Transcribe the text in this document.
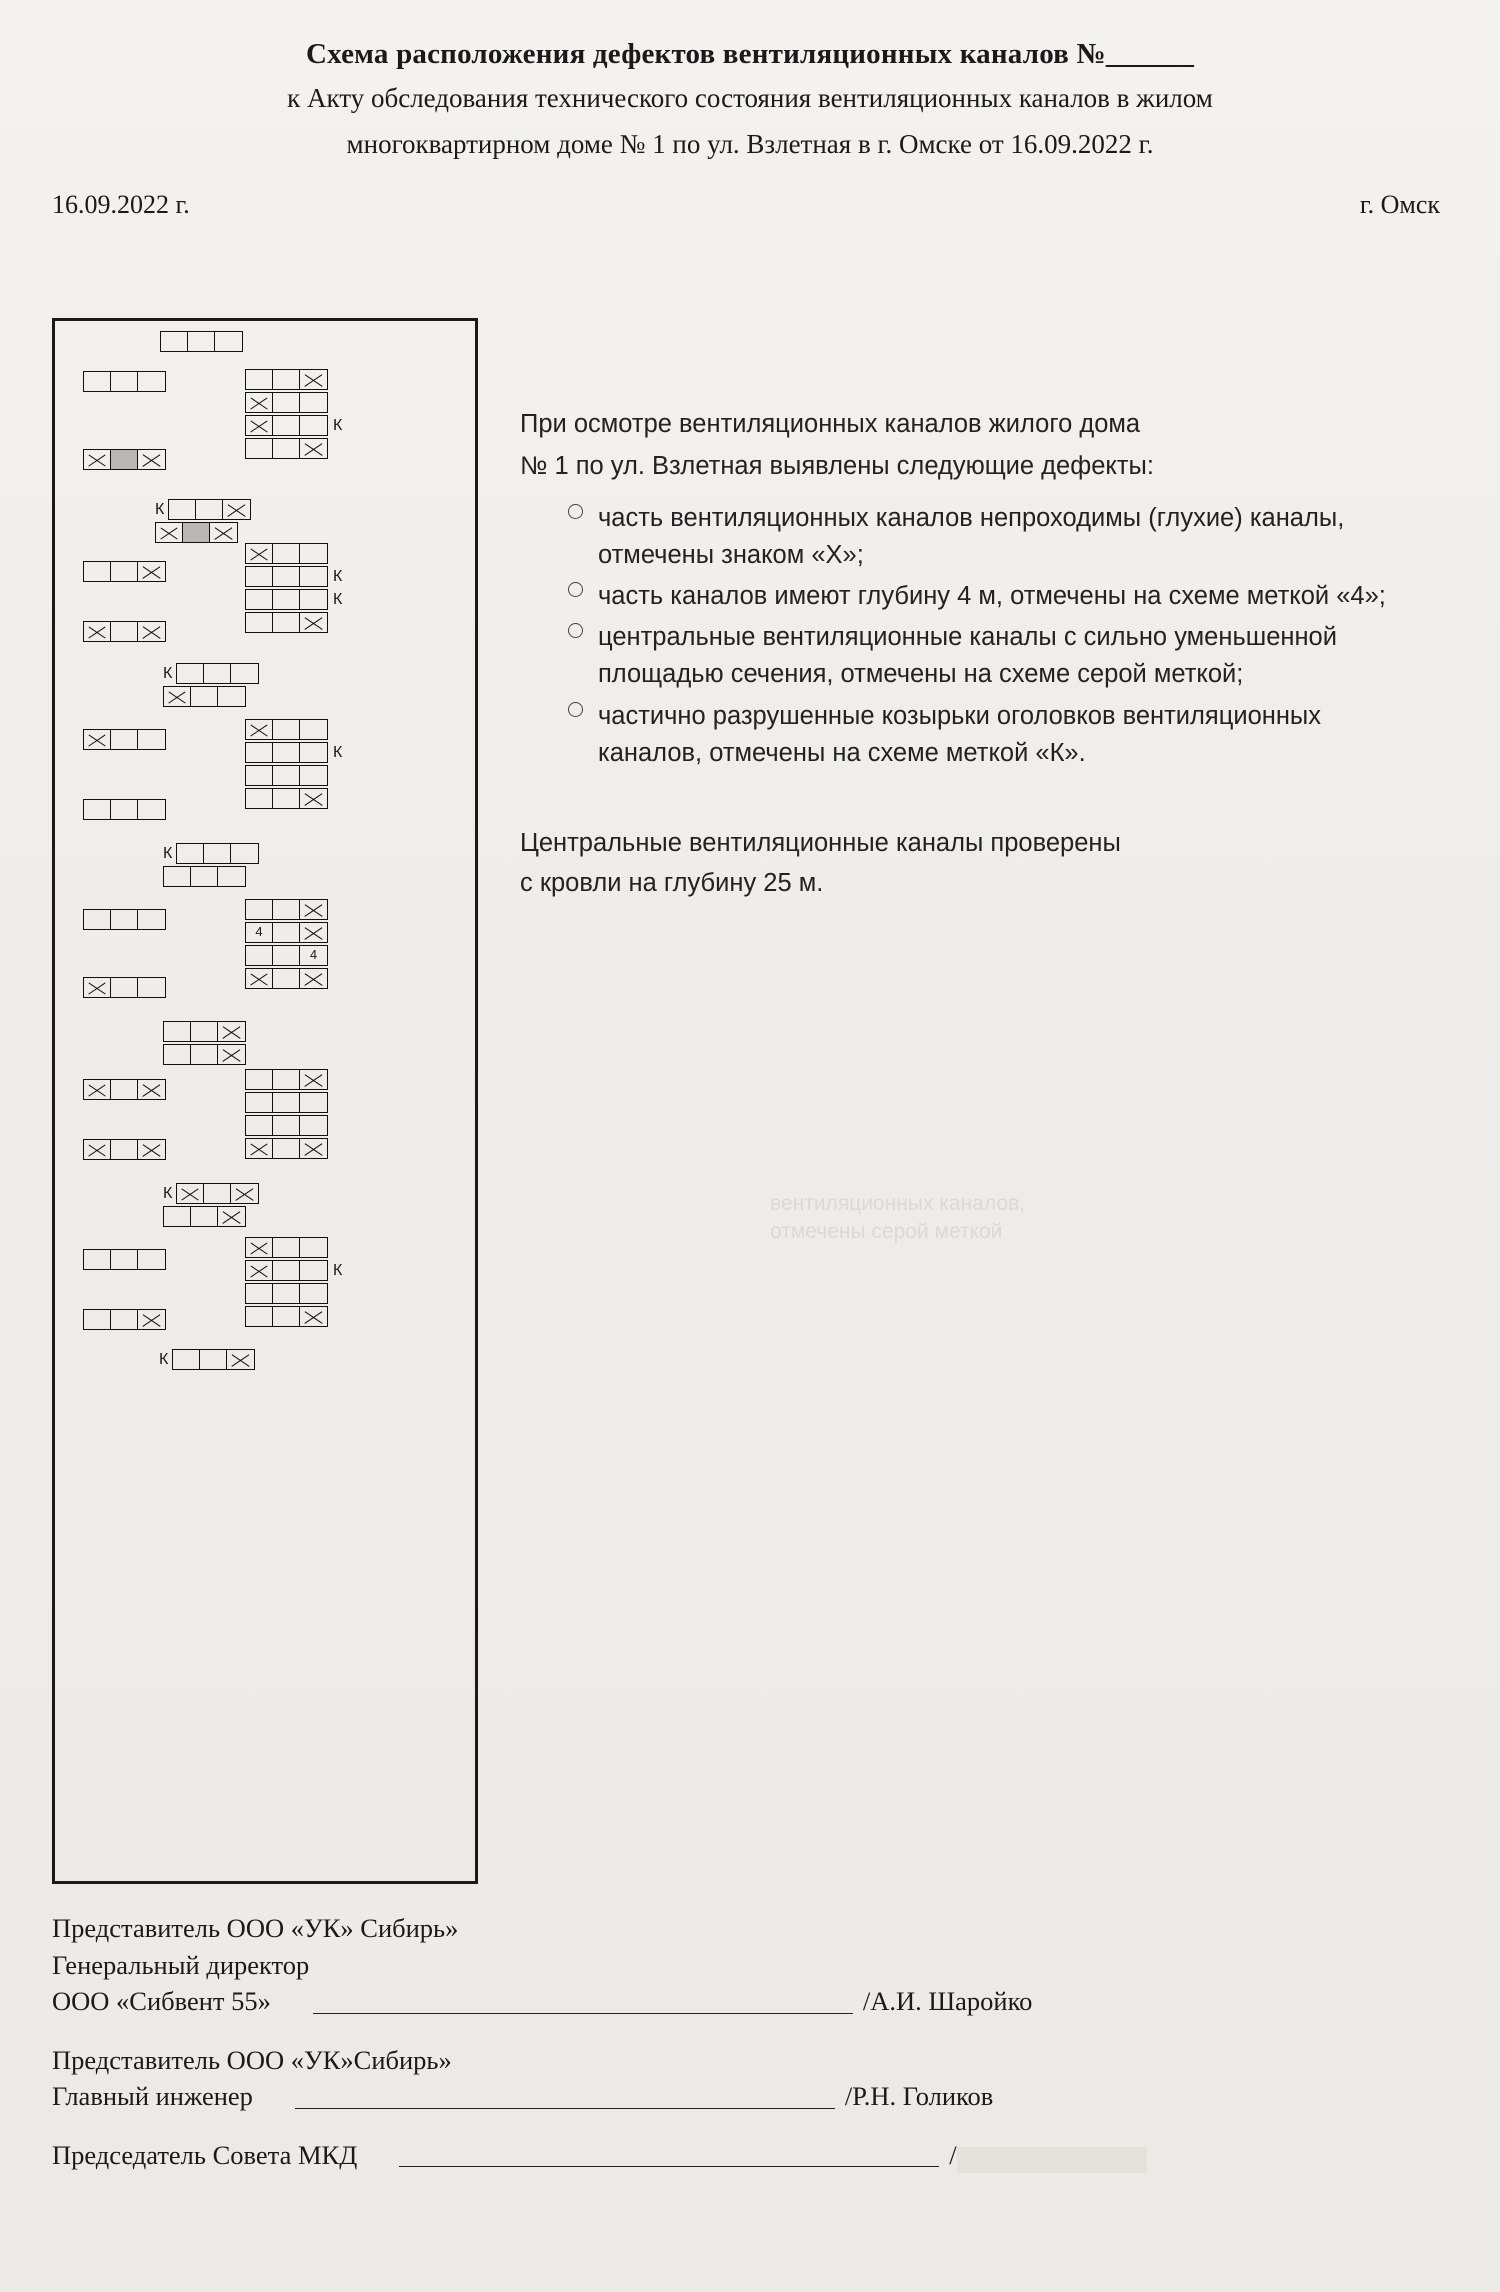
Схема расположения дефектов вентиляционных каналов №______
к Акту обследования технического состояния вентиляционных каналов в жилом
многоквартирном доме № 1 по ул. Взлетная в г. Омске от 16.09.2022 г.
16.09.2022 г.	г. Омск
К
К
К
К
К
К
К
4
4
К
К
К

При осмотре вентиляционных каналов жилого дома

№ 1 по ул. Взлетная выявлены следующие дефекты:

часть вентиляционных каналов непроходимы (глухие) каналы, отмечены знаком «Х»;
часть каналов имеют глубину 4 м, отмечены на схеме меткой «4»;
центральные вентиляционные каналы с сильно уменьшенной площадью сечения, отмечены на схеме серой меткой;
частично разрушенные козырьки оголовков вентиляционных каналов, отмечены на схеме меткой «К».
Центральные вентиляционные каналы проверены
с кровли на глубину 25 м.
вентиляционных каналов,
отмечены серой меткой
Представитель ООО «УК» Сибирь»
Генеральный директор
ООО «Сибвент 55»	/А.И. Шаройко
Представитель ООО «УК»Сибирь»
Главный инженер	/Р.Н. Голиков
Председатель Совета МКД	/
